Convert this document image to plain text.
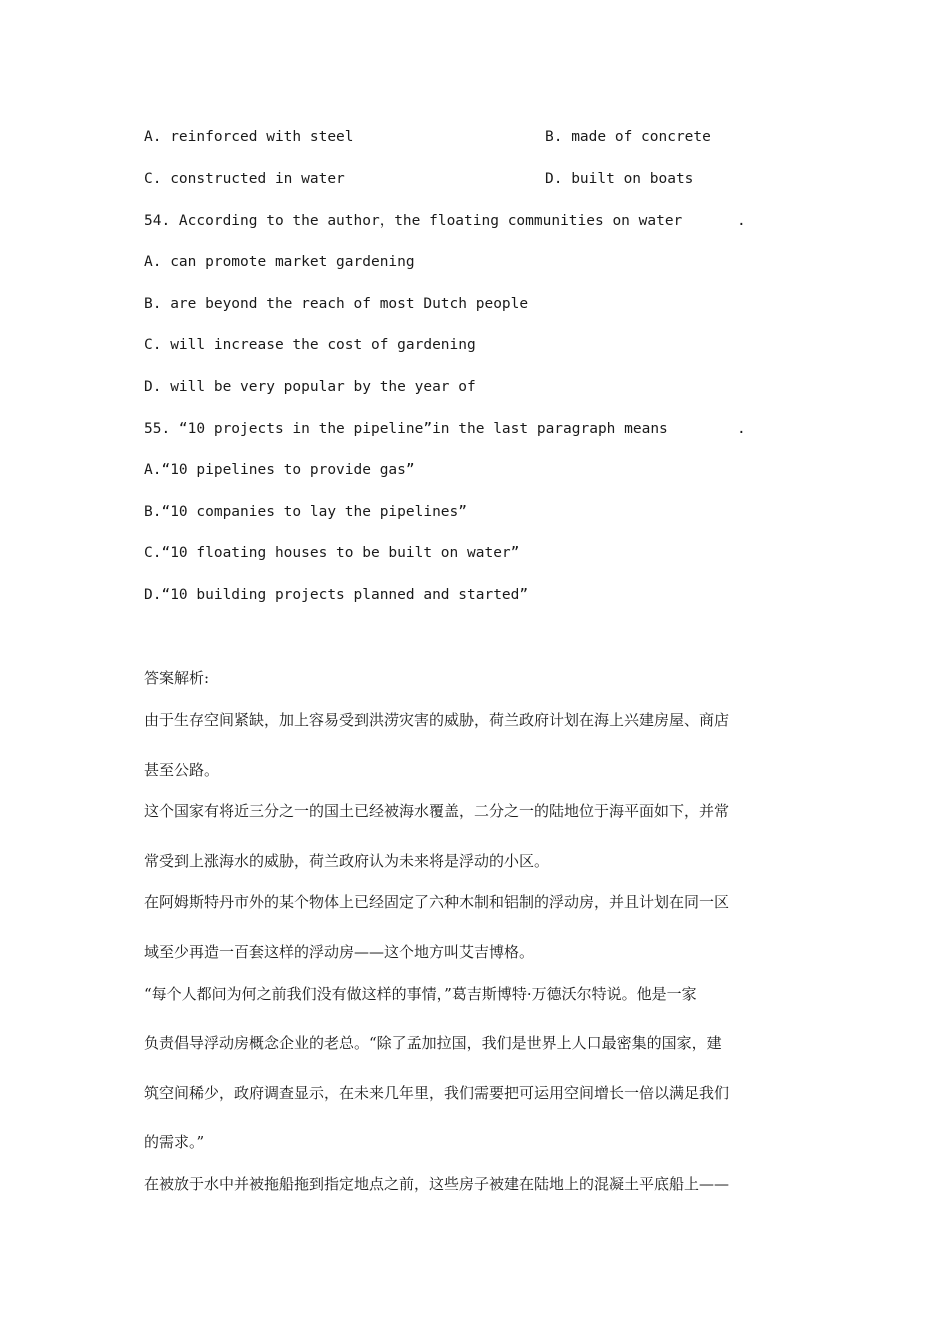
A. reinforced with steel	B. made of concrete
C. constructed in water	D. built on boats
54. According to the author，the floating communities on water	.
A. can promote market gardening
B. are beyond the reach of most Dutch people
C. will increase the cost of gardening
D. will be very popular by the year of
55. “10 projects in the pipeline”in the last paragraph means	.
A.“10 pipelines to provide gas”
B.“10 companies to lay the pipelines”
C.“10 floating houses to be built on water”
D.“10 building projects planned and started”
答案解析:
由于生存空间紧缺，加上容易受到洪涝灾害的威胁，荷兰政府计划在海上兴建房屋、商店
甚至公路。
这个国家有将近三分之一的国土已经被海水覆盖，二分之一的陆地位于海平面如下，并常
常受到上涨海水的威胁，荷兰政府认为未来将是浮动的小区。
在阿姆斯特丹市外的某个物体上已经固定了六种木制和铝制的浮动房，并且计划在同一区
域至少再造一百套这样的浮动房——这个地方叫艾吉博格。
“每个人都问为何之前我们没有做这样的事情，”葛吉斯博特·万德沃尔特说。他是一家
负责倡导浮动房概念企业的老总。“除了孟加拉国，我们是世界上人口最密集的国家，建
筑空间稀少，政府调查显示，在未来几年里，我们需要把可运用空间增长一倍以满足我们
的需求。”
在被放于水中并被拖船拖到指定地点之前，这些房子被建在陆地上的混凝土平底船上——
